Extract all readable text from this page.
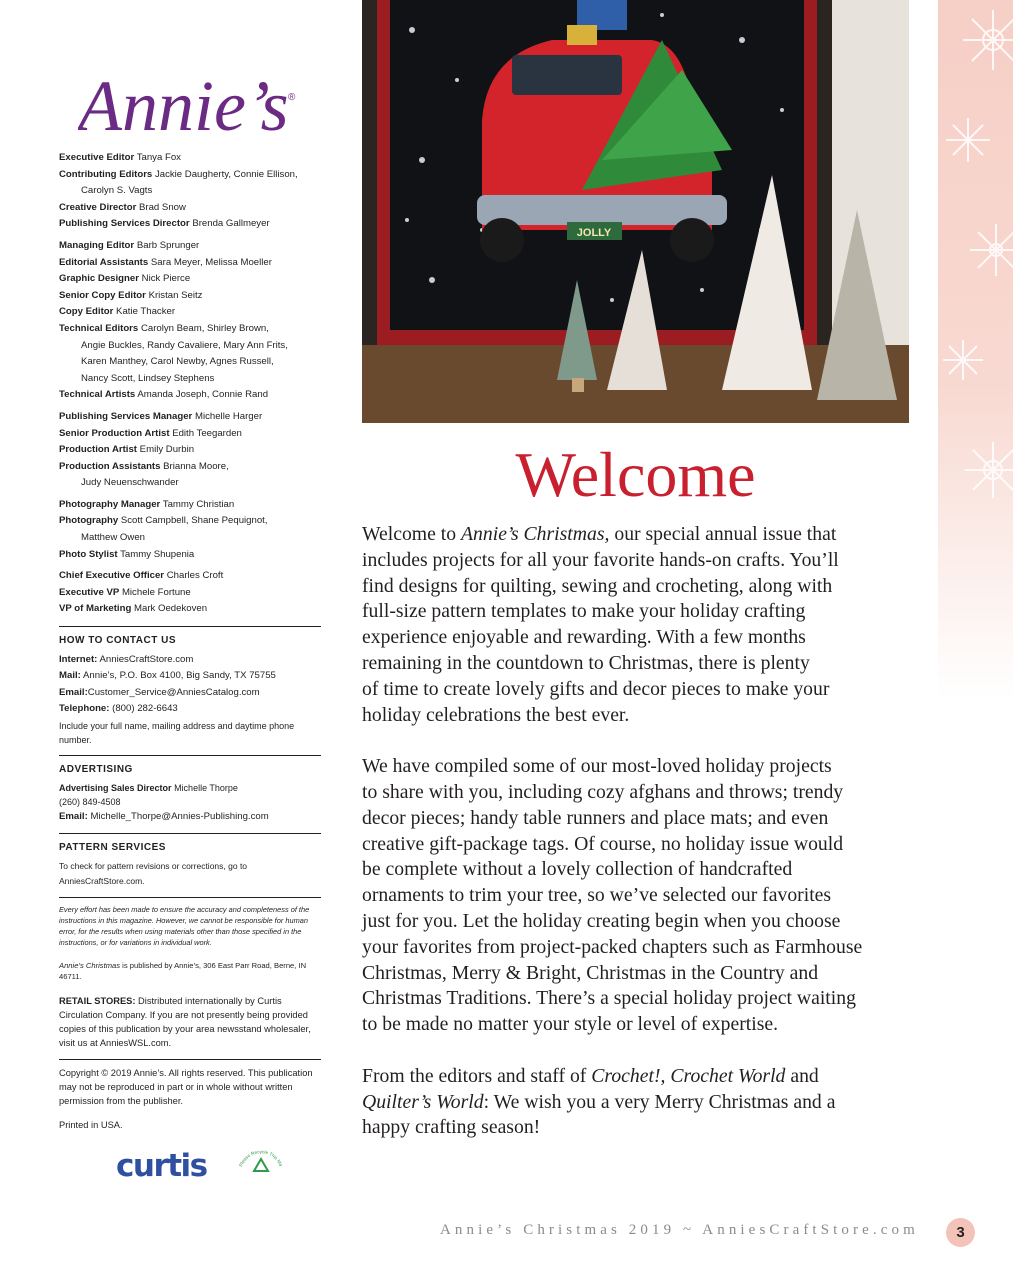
JOLLY
Annie’s ®
Executive Editor Tanya Fox
Contributing Editors Jackie Daugherty, Connie Ellison,
Carolyn S. Vagts
Creative Director Brad Snow
Publishing Services Director Brenda Gallmeyer
Managing Editor Barb Sprunger
Editorial Assistants Sara Meyer, Melissa Moeller
Graphic Designer Nick Pierce
Senior Copy Editor Kristan Seitz
Copy Editor Katie Thacker
Technical Editors Carolyn Beam, Shirley Brown,
Angie Buckles, Randy Cavaliere, Mary Ann Frits,
Karen Manthey, Carol Newby, Agnes Russell,
Nancy Scott, Lindsey Stephens
Technical Artists Amanda Joseph, Connie Rand
Publishing Services Manager Michelle Harger
Senior Production Artist Edith Teegarden
Production Artist Emily Durbin
Production Assistants Brianna Moore,
Judy Neuenschwander
Photography Manager Tammy Christian
Photography Scott Campbell, Shane Pequignot,
Matthew Owen
Photo Stylist Tammy Shupenia
Chief Executive Officer Charles Croft
Executive VP Michele Fortune
VP of Marketing Mark Oedekoven
HOW TO CONTACT US
Internet: AnniesCraftStore.com
Mail: Annie’s, P.O. Box 4100, Big Sandy, TX 75755
Email:Customer_Service@AnniesCatalog.com
Telephone: (800) 282-6643
Include your full name, mailing address and daytime phone number.
ADVERTISING
Advertising Sales Director Michelle Thorpe
(260) 849-4508
Email: Michelle_Thorpe@Annies-Publishing.com
PATTERN SERVICES
To check for pattern revisions or corrections, go to AnniesCraftStore.com.
Every effort has been made to ensure the accuracy and completeness of the instructions in this magazine. However, we cannot be responsible for human error, for the results when using materials other than those specified in the instructions, or for variations in individual work.
Annie’s Christmas is published by Annie’s, 306 East Parr Road, Berne, IN 46711.
RETAIL STORES: Distributed internationally by Curtis Circulation Company. If you are not presently being provided copies of this publication by your area newsstand wholesaler, visit us at AnniesWSL.com.
Copyright © 2019 Annie’s. All rights reserved. This publication may not be reproduced in part or in whole without written permission from the publisher.
Printed in USA.
curtis	Please Recycle This Ma
Welcome

Welcome to Annie’s Christmas, our special annual issue that
includes projects for all your favorite hands-on crafts. You’ll
find designs for quilting, sewing and crocheting, along with
full-size pattern templates to make your holiday crafting
experience enjoyable and rewarding. With a few months
remaining in the countdown to Christmas, there is plenty
of time to create lovely gifts and decor pieces to make your
holiday celebrations the best ever.

We have compiled some of our most-loved holiday projects
to share with you, including cozy afghans and throws; trendy
decor pieces; handy table runners and place mats; and even
creative gift-package tags. Of course, no holiday issue would
be complete without a lovely collection of handcrafted
ornaments to trim your tree, so we’ve selected our favorites
just for you. Let the holiday creating begin when you choose
your favorites from project-packed chapters such as Farmhouse
Christmas, Merry & Bright, Christmas in the Country and
Christmas Traditions. There’s a special holiday project waiting
to be made no matter your style or level of expertise.

From the editors and staff of Crochet!, Crochet World and
Quilter’s World: We wish you a very Merry Christmas and a
happy crafting season!

Annie’s Christmas 2019 ~ AnniesCraftStore.com	3
